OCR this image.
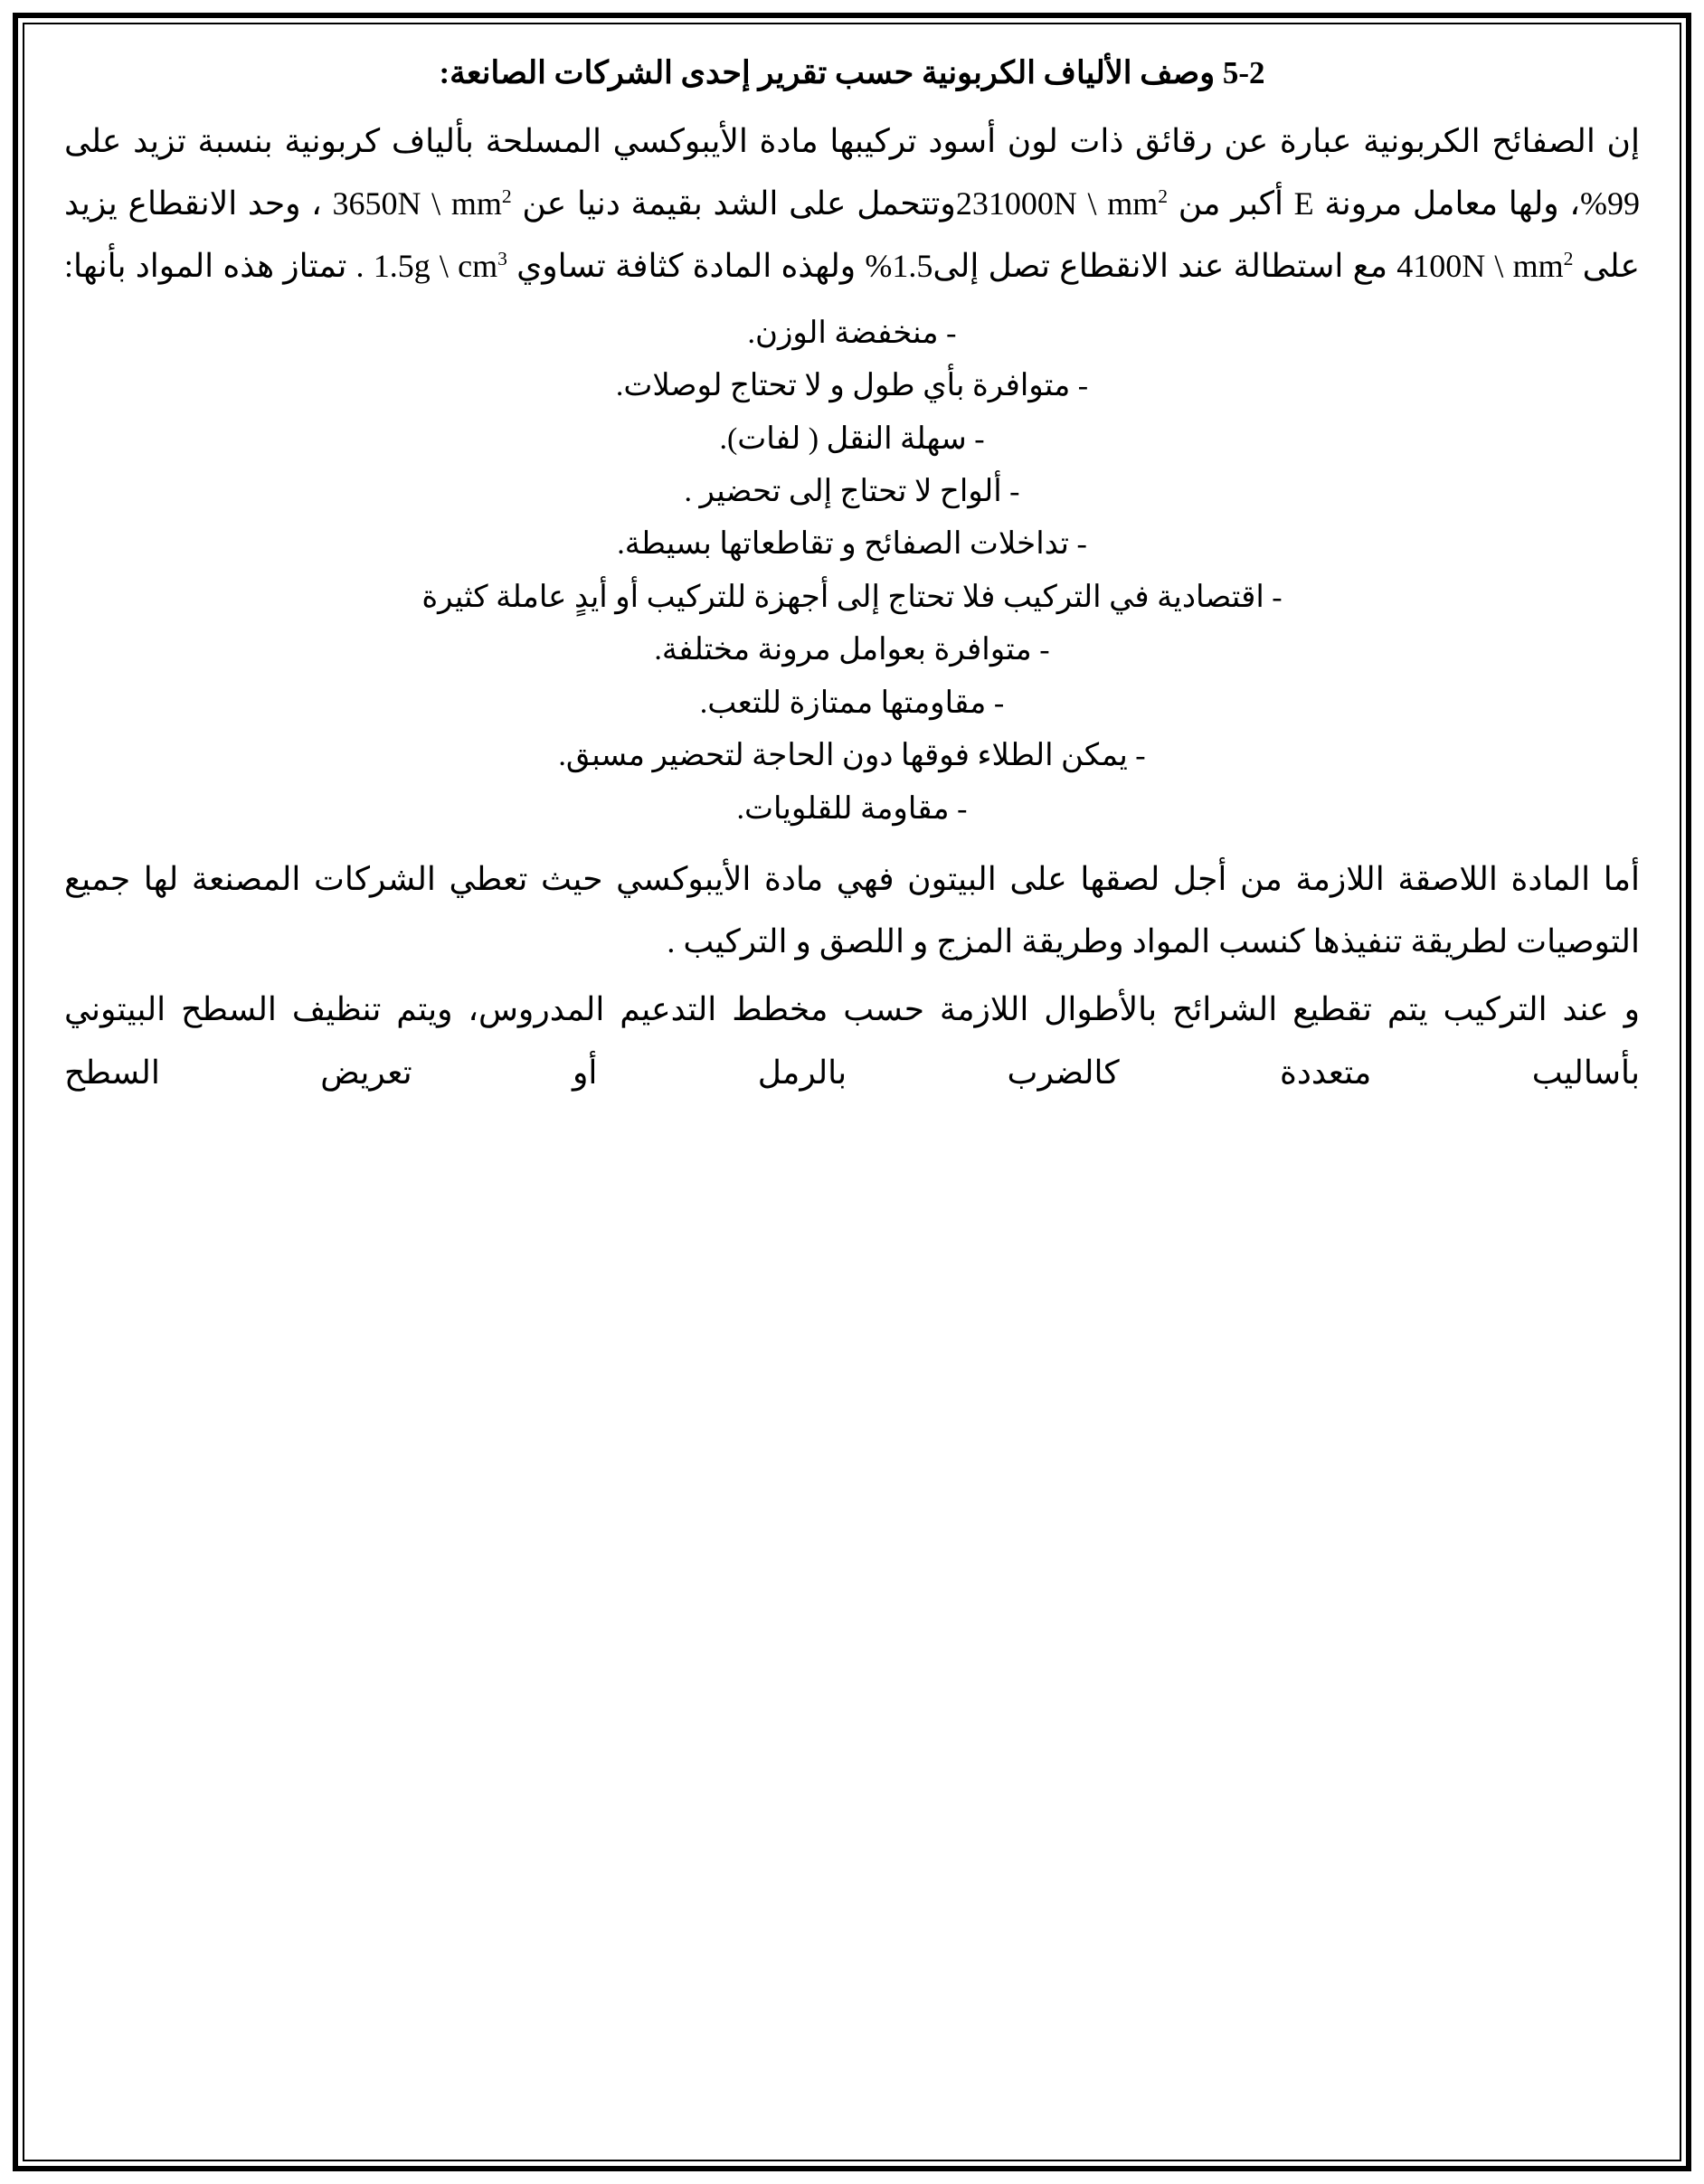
5-2 وصف الألياف الكربونية حسب تقرير إحدى الشركات الصانعة:

إن الصفائح الكربونية عبارة عن رقائق ذات لون أسود تركيبها مادة الأيبوكسي المسلحة بألياف كربونية بنسبة تزيد على 99%، ولها معامل مرونة E أكبر من 231000N \ $mm^2وتتحمل$ على الشد بقيمة دنيا عن 3650N \ $mm^2$ ، وحد الانقطاع يزيد على 4100N \ $mm^2$ مع استطالة عند الانقطاع تصل إلى1.5% ولهذه المادة كثافة تساوي 1.5g \ $cm^3$ . تمتاز هذه المواد بأنها:

- منخفضة الوزن.
- متوافرة بأي طول و لا تحتاج لوصلات.
- سهلة النقل ( لفات).
- ألواح لا تحتاج إلى تحضير .
- تداخلات الصفائح و تقاطعاتها بسيطة.
- اقتصادية في التركيب فلا تحتاج إلى أجهزة للتركيب أو أيدٍ عاملة كثيرة
- متوافرة بعوامل مرونة مختلفة.
- مقاومتها ممتازة للتعب.
- يمكن الطلاء فوقها دون الحاجة لتحضير مسبق.
- مقاومة للقلويات.

أما المادة اللاصقة اللازمة من أجل لصقها على البيتون فهي مادة الأيبوكسي حيث تعطي الشركات المصنعة لها جميع التوصيات لطريقة تنفيذها كنسب المواد وطريقة المزج و اللصق و التركيب .

و عند التركيب يتم تقطيع الشرائح بالأطوال اللازمة حسب مخطط التدعيم المدروس، ويتم تنظيف السطح البيتوني بأساليب متعددة كالضرب بالرمل أو تعريض السطح
